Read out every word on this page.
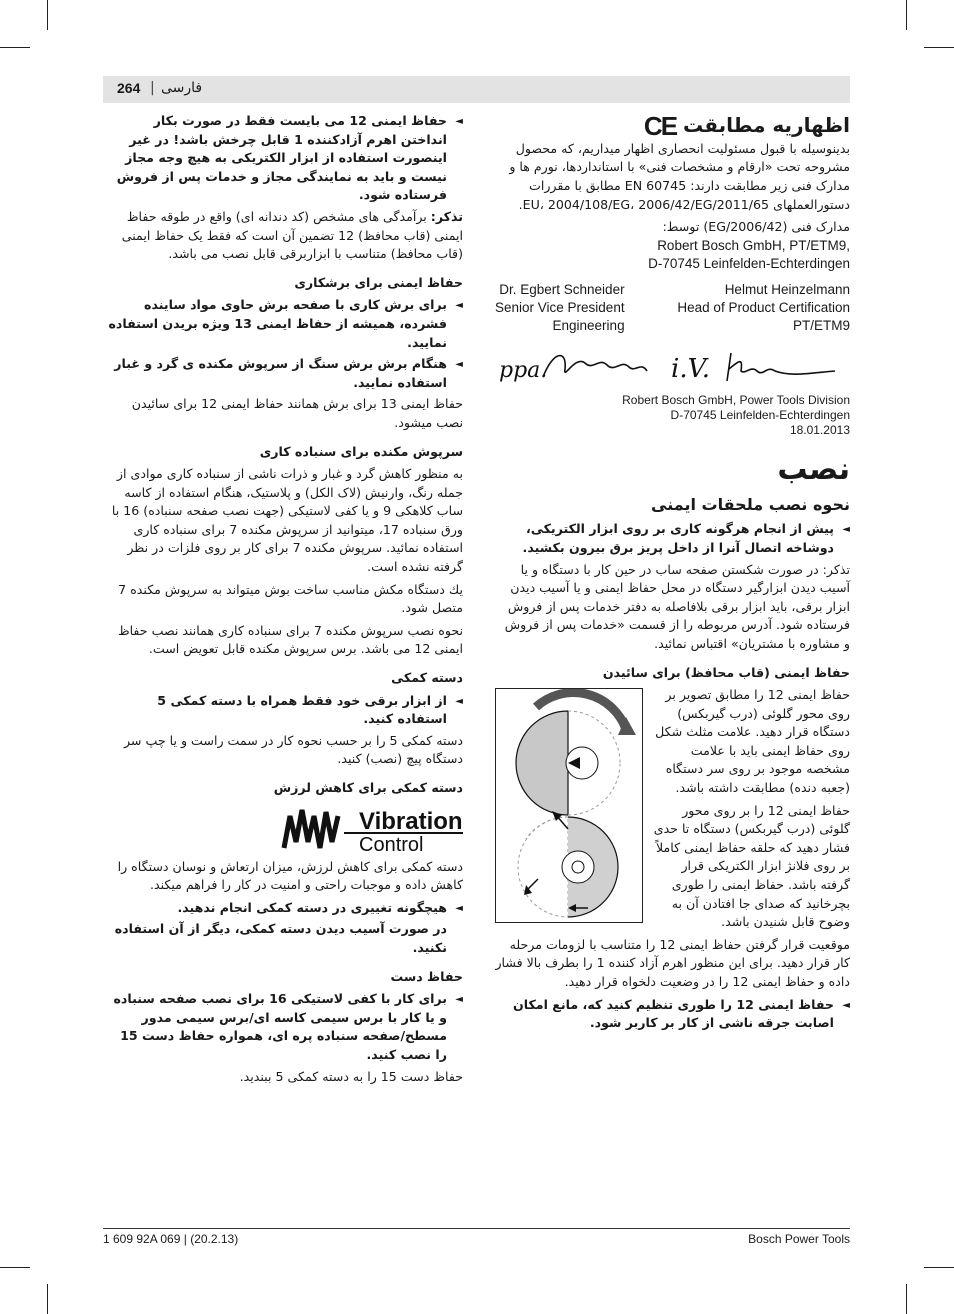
264 | فارسی

◄ حفاظ ایمنی 12 می بایست فقط در صورت بکار انداختن اهرم آزادکننده 1 قابل چرخش باشد! در غیر اینصورت استفاده از ابزار الکتریکی به هیچ وجه مجاز نیست و باید به نمایندگی مجاز و خدمات پس از فروش فرستاده شود.

تذکر: برآمدگی های مشخص (کد دندانه ای) واقع در طوقه حفاظ ایمنی (قاب محافظ) 12 تضمین آن است که فقط یک حفاظ ایمنی (قاب محافظ) متناسب با ابزاربرقی قابل نصب می باشد.

حفاظ ایمنی برای برشکاری

◄ برای برش کاری با صفحه برش حاوی مواد ساینده فشرده، همیشه از حفاظ ایمنی 13 ویژه بریدن استفاده نمایید.

◄ هنگام برش برش سنگ از سرپوش مکنده ی گرد و غبار استفاده نمایید.

حفاظ ایمنی 13 برای برش همانند حفاظ ایمنی 12 برای سائیدن نصب میشود.

سرپوش مکنده برای سنباده کاری

به منظور کاهش گرد و غبار و ذرات ناشی از سنباده کاری موادی از جمله رنگ، وارنیش (لاک الکل) و پلاستیک، هنگام استفاده از کاسه ساب کلاهکی 9 و یا کفی لاستیکی (جهت نصب صفحه سنباده) 16 با ورق سنباده 17، میتوانید از سرپوش مکنده 7 برای سنباده کاری استفاده نمائید. سرپوش مکنده 7 برای کار بر روی فلزات در نظر گرفته نشده است.

یك دستگاه مکش مناسب ساخت بوش میتواند به سرپوش مکنده 7 متصل شود.

نحوه نصب سرپوش مکنده 7 برای سنباده کاری همانند نصب حفاظ ایمنی 12 می باشد. برس سرپوش مکنده قابل تعویض است.

دسته کمکی

◄ از ابزار برقی خود فقط همراه با دسته کمکی 5 استفاده کنید.

دسته کمکی 5 را بر حسب نحوه کار در سمت راست و یا چپ سر دستگاه پیچ (نصب) کنید.

دسته کمکی برای کاهش لرزش

Vibration
Control

دسته کمکی برای کاهش لرزش، میزان ارتعاش و نوسان دستگاه را کاهش داده و موجبات راحتی و امنیت در کار را فراهم میکند.

◄ هیچگونه تغییری در دسته کمکی انجام ندهید.

در صورت آسیب دیدن دسته کمکی، دیگر از آن استفاده نکنید.

حفاظ دست

◄ برای کار با کفی لاستیکی 16 برای نصب صفحه سنباده و یا کار با برس سیمی کاسه ای/برس سیمی مدور مسطح/صفحه سنباده پره ای، همواره حفاظ دست 15 را نصب کنید.

حفاظ دست 15 را به دسته کمکی 5 ببندید.

اظهاریه مطابقت CE

بدینوسیله با قبول مسئولیت انحصاری اظهار میداریم، که محصول مشروحه تحت «ارقام و مشخصات فنی» با استانداردها، نورم ها و مدارک فنی زیر مطابقت دارند: EN 60745 مطابق با مقررات دستورالعملهای 2011/65/EU، 2004/108/EG، 2006/42/EG.

مدارک فنی (2006/42/EG) توسط:

Robert Bosch GmbH, PT/ETM9,

D-70745 Leinfelden-Echterdingen

Dr. Egbert Schneider
Senior Vice President
Engineering
Helmut Heinzelmann
Head of Product Certification
PT/ETM9
ppa.	i.V.

Robert Bosch GmbH, Power Tools Division

D-70745 Leinfelden-Echterdingen

18.01.2013

نصب

نحوه نصب ملحقات ایمنی

◄ پیش از انجام هرگونه کاری بر روی ابزار الکتریکی، دوشاخه اتصال آنرا از داخل پریز برق بیرون بکشید.

تذکر: در صورت شکستن صفحه ساب در حین کار با دستگاه و یا آسیب دیدن ابزارگیر دستگاه در محل حفاظ ایمنی و یا آسیب دیدن ابزار برقی، باید ابزار برقی بلافاصله به دفتر خدمات پس از فروش فرستاده شود. آدرس مربوطه را از قسمت «خدمات پس از فروش و مشاوره با مشتریان» اقتباس نمائید.

حفاظ ایمنی (قاب محافظ) برای سائیدن

حفاظ ایمنی 12 را مطابق تصویر بر روی محور گلوئی (درب گیربکس) دستگاه قرار دهید. علامت مثلث شکل روی حفاظ ایمنی باید با علامت مشخصه موجود بر روی سر دستگاه (جعبه دنده) مطابقت داشته باشد.

حفاظ ایمنی 12 را بر روی محور گلوئی (درب گیربکس) دستگاه تا حدی فشار دهید که حلقه حفاظ ایمنی کاملاً بر روی فلانژ ابزار الکتریکی قرار گرفته باشد. حفاظ ایمنی را طوری بچرخانید که صدای جا افتادن آن به وضوح قابل شنیدن باشد.

موقعیت قرار گرفتن حفاظ ایمنی 12 را متناسب با لزومات مرحله کار قرار دهید. برای این منظور اهرم آزاد کننده 1 را بطرف بالا فشار داده و حفاظ ایمنی 12 را در وضعیت دلخواه قرار دهید.

◄ حفاظ ایمنی 12 را طوری تنظیم کنید که، مانع امکان اصابت جرقه ناشی از کار بر کاربر شود.

1 609 92A 069 | (20.2.13)	Bosch Power Tools
